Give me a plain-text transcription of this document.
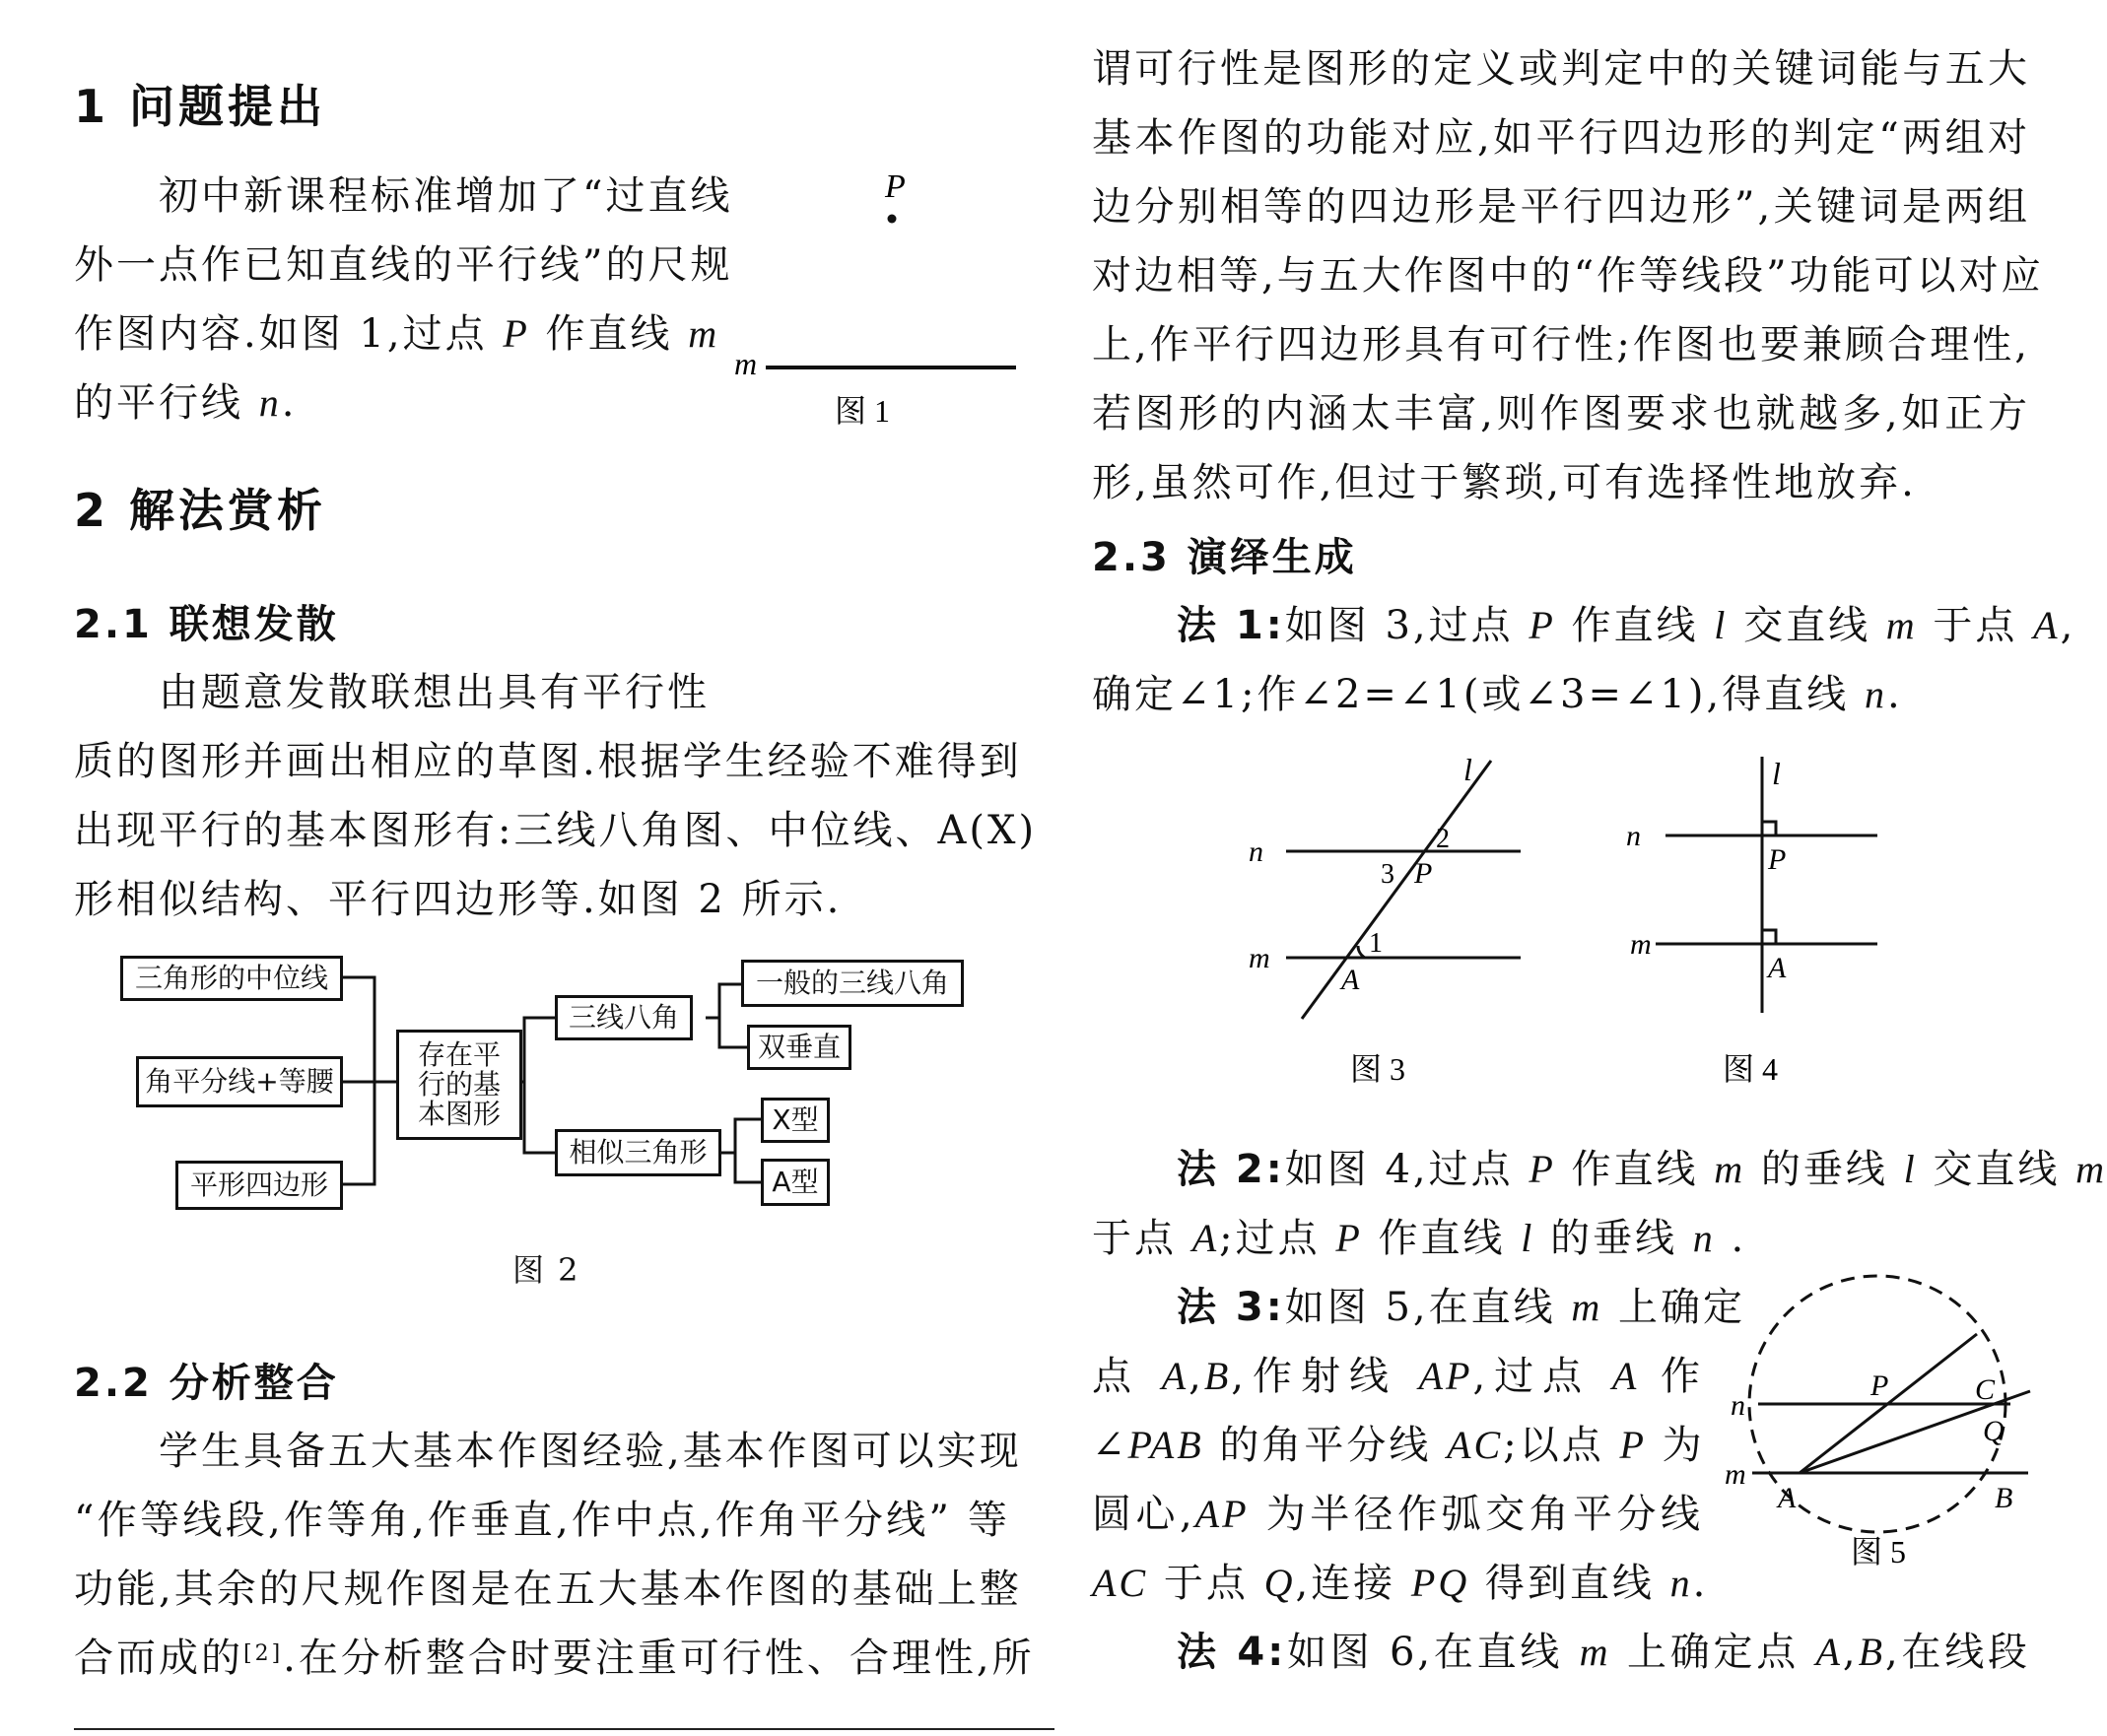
1 问题提出
初中新课程标准增加了“过直线
外一点作已知直线的平行线”的尺规
作图内容.如图 1,过点 P 作直线 m
的平行线 n.
P
m
图 1
2 解法赏析
2.1 联想发散
由题意发散联想出具有平行性
质的图形并画出相应的草图.根据学生经验不难得到
出现平行的基本图形有:三线八角图、中位线、A(X)
形相似结构、平行四边形等.如图 2 所示.
三角形的中位线
角平分线+等腰
平形四边形
存在平
行的基
本图形
三线八角
相似三角形
一般的三线八角
双垂直
X型
A型
图 2
2.2 分析整合
学生具备五大基本作图经验,基本作图可以实现
“作等线段,作等角,作垂直,作中点,作角平分线” 等
功能,其余的尺规作图是在五大基本作图的基础上整
合而成的[2].在分析整合时要注重可行性、合理性,所
谓可行性是图形的定义或判定中的关键词能与五大
基本作图的功能对应,如平行四边形的判定“两组对
边分别相等的四边形是平行四边形”,关键词是两组
对边相等,与五大作图中的“作等线段”功能可以对应
上,作平行四边形具有可行性;作图也要兼顾合理性,
若图形的内涵太丰富,则作图要求也就越多,如正方
形,虽然可作,但过于繁琐,可有选择性地放弃.
2.3 演绎生成
法 1:如图 3,过点 P 作直线 l 交直线 m 于点 A,
确定∠1;作∠2=∠1(或∠3=∠1),得直线 n.
l
n
m
2
3 P
1
A
图 3
l
n
m
P
A
图 4
法 2:如图 4,过点 P 作直线 m 的垂线 l 交直线 m
于点 A;过点 P 作直线 l 的垂线 n .
法 3:如图 5,在直线 m 上确定
点 A,B,作射线 AP,过点 A 作
∠PAB 的角平分线 AC;以点 P 为
圆心,AP 为半径作弧交角平分线
AC 于点 Q,连接 PQ 得到直线 n.
n
m
P	C
Q
A	B
图 5
法 4:如图 6,在直线 m 上确定点 A,B,在线段
